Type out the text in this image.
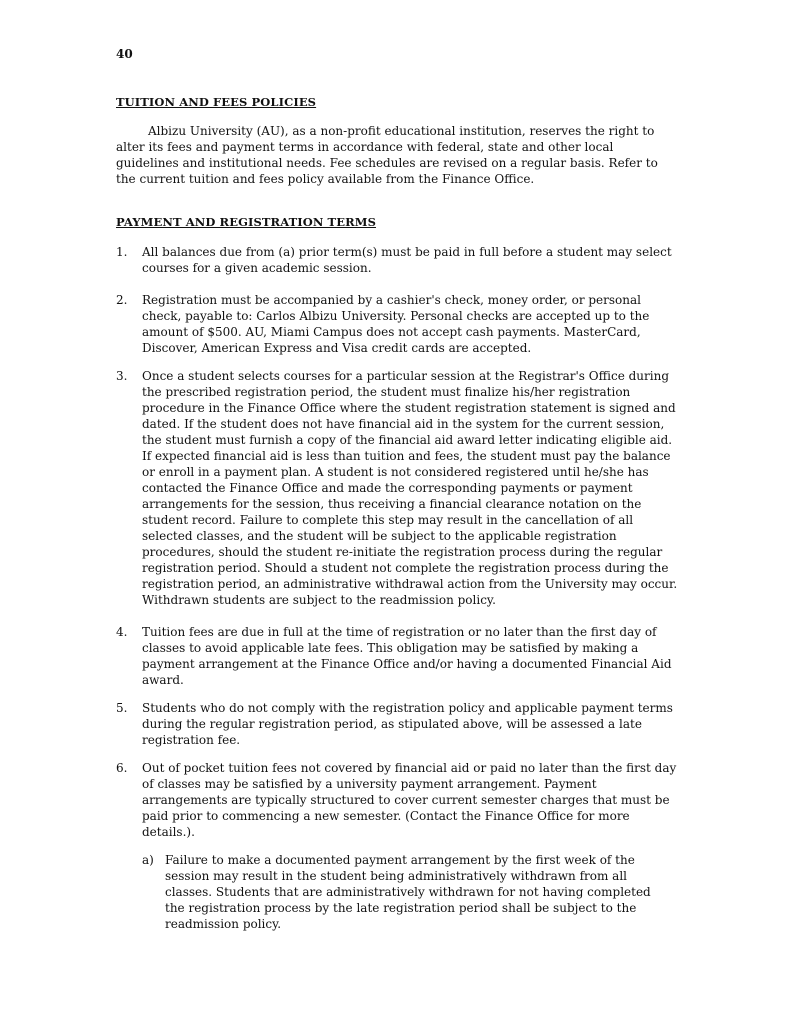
40
TUITION AND FEES POLICIES

Albizu University (AU), as a non-profit educational institution, reserves the right to alter its fees and payment terms in accordance with federal, state and other local guidelines and institutional needs. Fee schedules are revised on a regular basis. Refer to the current tuition and fees policy available from the Finance Office.

PAYMENT AND REGISTRATION TERMS
1.	All balances due from (a) prior term(s) must be paid in full before a student may select courses for a given academic session.
2.	Registration must be accompanied by a cashier's check, money order, or personal check, payable to: Carlos Albizu University. Personal checks are accepted up to the amount of $500. AU, Miami Campus does not accept cash payments. MasterCard, Discover, American Express and Visa credit cards are accepted.
3.	Once a student selects courses for a particular session at the Registrar's Office during the prescribed registration period, the student must finalize his/her registration procedure in the Finance Office where the student registration statement is signed and dated. If the student does not have financial aid in the system for the current session, the student must furnish a copy of the financial aid award letter indicating eligible aid. If expected financial aid is less than tuition and fees, the student must pay the balance or enroll in a payment plan. A student is not considered registered until he/she has contacted the Finance Office and made the corresponding payments or payment arrangements for the session, thus receiving a financial clearance notation on the student record. Failure to complete this step may result in the cancellation of all selected classes, and the student will be subject to the applicable registration procedures, should the student re-initiate the registration process during the regular registration period. Should a student not complete the registration process during the registration period, an administrative withdrawal action from the University may occur. Withdrawn students are subject to the readmission policy.
4.	Tuition fees are due in full at the time of registration or no later than the first day of classes to avoid applicable late fees. This obligation may be satisfied by making a payment arrangement at the Finance Office and/or having a documented Financial Aid award.
5.	Students who do not comply with the registration policy and applicable payment terms during the regular registration period, as stipulated above, will be assessed a late registration fee.
6.	Out of pocket tuition fees not covered by financial aid or paid no later than the first day of classes may be satisfied by a university payment arrangement. Payment arrangements are typically structured to cover current semester charges that must be paid prior to commencing a new semester. (Contact the Finance Office for more details.).
a) Failure to make a documented payment arrangement by the first week of the session may result in the student being administratively withdrawn from all classes. Students that are administratively withdrawn for not having completed the registration process by the late registration period shall be subject to the readmission policy.
